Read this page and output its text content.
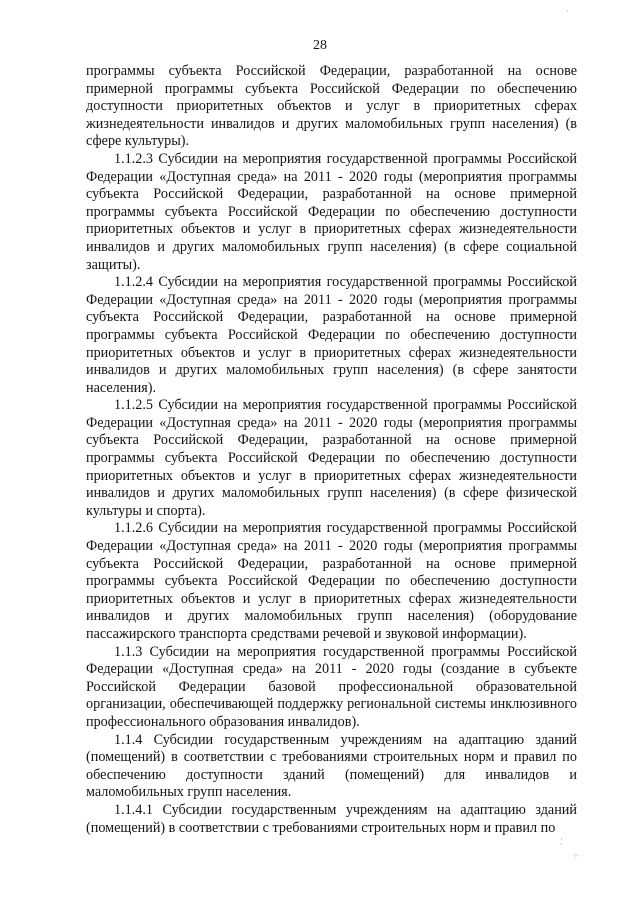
28

программы субъекта Российской Федерации, разработанной на основе примерной программы субъекта Российской Федерации по обеспечению доступности приоритетных объектов и услуг в приоритетных сферах жизнедеятельности инвалидов и других маломобильных групп населения) (в сфере культуры).

1.1.2.3 Субсидии на мероприятия государственной программы Российской Федерации «Доступная среда» на 2011 - 2020 годы (мероприятия программы субъекта Российской Федерации, разработанной на основе примерной программы субъекта Российской Федерации по обеспечению доступности приоритетных объектов и услуг в приоритетных сферах жизнедеятельности инвалидов и других маломобильных групп населения) (в сфере социальной защиты).

1.1.2.4 Субсидии на мероприятия государственной программы Российской Федерации «Доступная среда» на 2011 - 2020 годы (мероприятия программы субъекта Российской Федерации, разработанной на основе примерной программы субъекта Российской Федерации по обеспечению доступности приоритетных объектов и услуг в приоритетных сферах жизнедеятельности инвалидов и других маломобильных групп населения) (в сфере занятости населения).

1.1.2.5 Субсидии на мероприятия государственной программы Российской Федерации «Доступная среда» на 2011 - 2020 годы (мероприятия программы субъекта Российской Федерации, разработанной на основе примерной программы субъекта Российской Федерации по обеспечению доступности приоритетных объектов и услуг в приоритетных сферах жизнедеятельности инвалидов и других маломобильных групп населения) (в сфере физической культуры и спорта).

1.1.2.6 Субсидии на мероприятия государственной программы Российской Федерации «Доступная среда» на 2011 - 2020 годы (мероприятия программы субъекта Российской Федерации, разработанной на основе примерной программы субъекта Российской Федерации по обеспечению доступности приоритетных объектов и услуг в приоритетных сферах жизнедеятельности инвалидов и других маломобильных групп населения) (оборудование пассажирского транспорта средствами речевой и звуковой информации).

1.1.3 Субсидии на мероприятия государственной программы Российской Федерации «Доступная среда» на 2011 - 2020 годы (создание в субъекте Российской Федерации базовой профессиональной образовательной организации, обеспечивающей поддержку региональной системы инклюзивного профессионального образования инвалидов).

1.1.4 Субсидии государственным учреждениям на адаптацию зданий (помещений) в соответствии с требованиями строительных норм и правил по обеспечению доступности зданий (помещений) для инвалидов и маломобильных групп населения.

1.1.4.1 Субсидии государственным учреждениям на адаптацию зданий (помещений) в соответствии с требованиями строительных норм и правил по

˙
⁚
⁘
